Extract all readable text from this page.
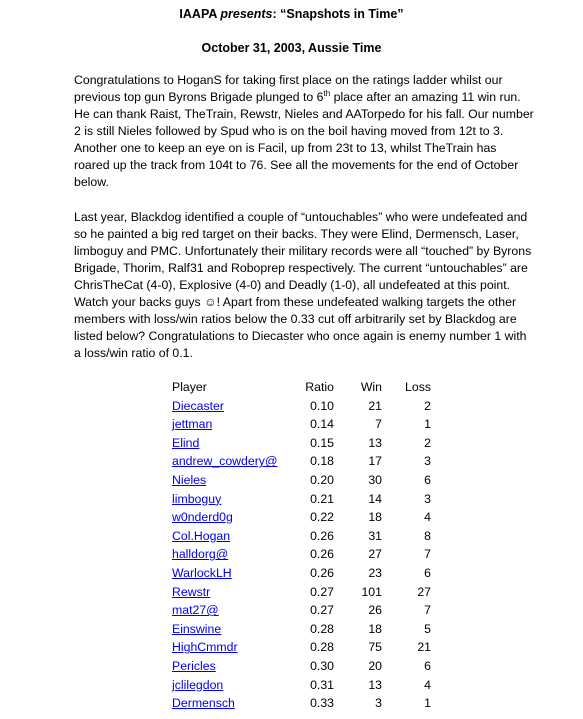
IAAPA presents: “Snapshots in Time”
October 31, 2003, Aussie Time

Congratulations to HoganS for taking first place on the ratings ladder whilst our previous top gun Byrons Brigade plunged to 6th place after an amazing 11 win run. He can thank Raist, TheTrain, Rewstr, Nieles and AATorpedo for his fall. Our number 2 is still Nieles followed by Spud who is on the boil having moved from 12t to 3. Another one to keep an eye on is Facil, up from 23t to 13, whilst TheTrain has roared up the track from 104t to 76. See all the movements for the end of October below.

Last year, Blackdog identified a couple of “untouchables” who were undefeated and so he painted a big red target on their backs. They were Elind, Dermensch, Laser, limboguy and PMC. Unfortunately their military records were all “touched” by Byrons Brigade, Thorim, Ralf31 and Roboprep respectively. The current “untouchables” are ChrisTheCat (4-0), Explosive (4-0) and Deadly (1-0), all undefeated at this point. Watch your backs guys ☺! Apart from these undefeated walking targets the other members with loss/win ratios below the 0.33 cut off arbitrarily set by Blackdog are listed below? Congratulations to Diecaster who once again is enemy number 1 with a loss/win ratio of 0.1.

Player	Ratio	Win	Loss
Diecaster	0.10	21	2
jettman	0.14	7	1
Elind	0.15	13	2
andrew_cowdery@	0.18	17	3
Nieles	0.20	30	6
limboguy	0.21	14	3
w0nderd0g	0.22	18	4
Col.Hogan	0.26	31	8
halldorg@	0.26	27	7
WarlockLH	0.26	23	6
Rewstr	0.27	101	27
mat27@	0.27	26	7
Einswine	0.28	18	5
HighCmmdr	0.28	75	21
Pericles	0.30	20	6
jclilegdon	0.31	13	4
Dermensch	0.33	3	1
